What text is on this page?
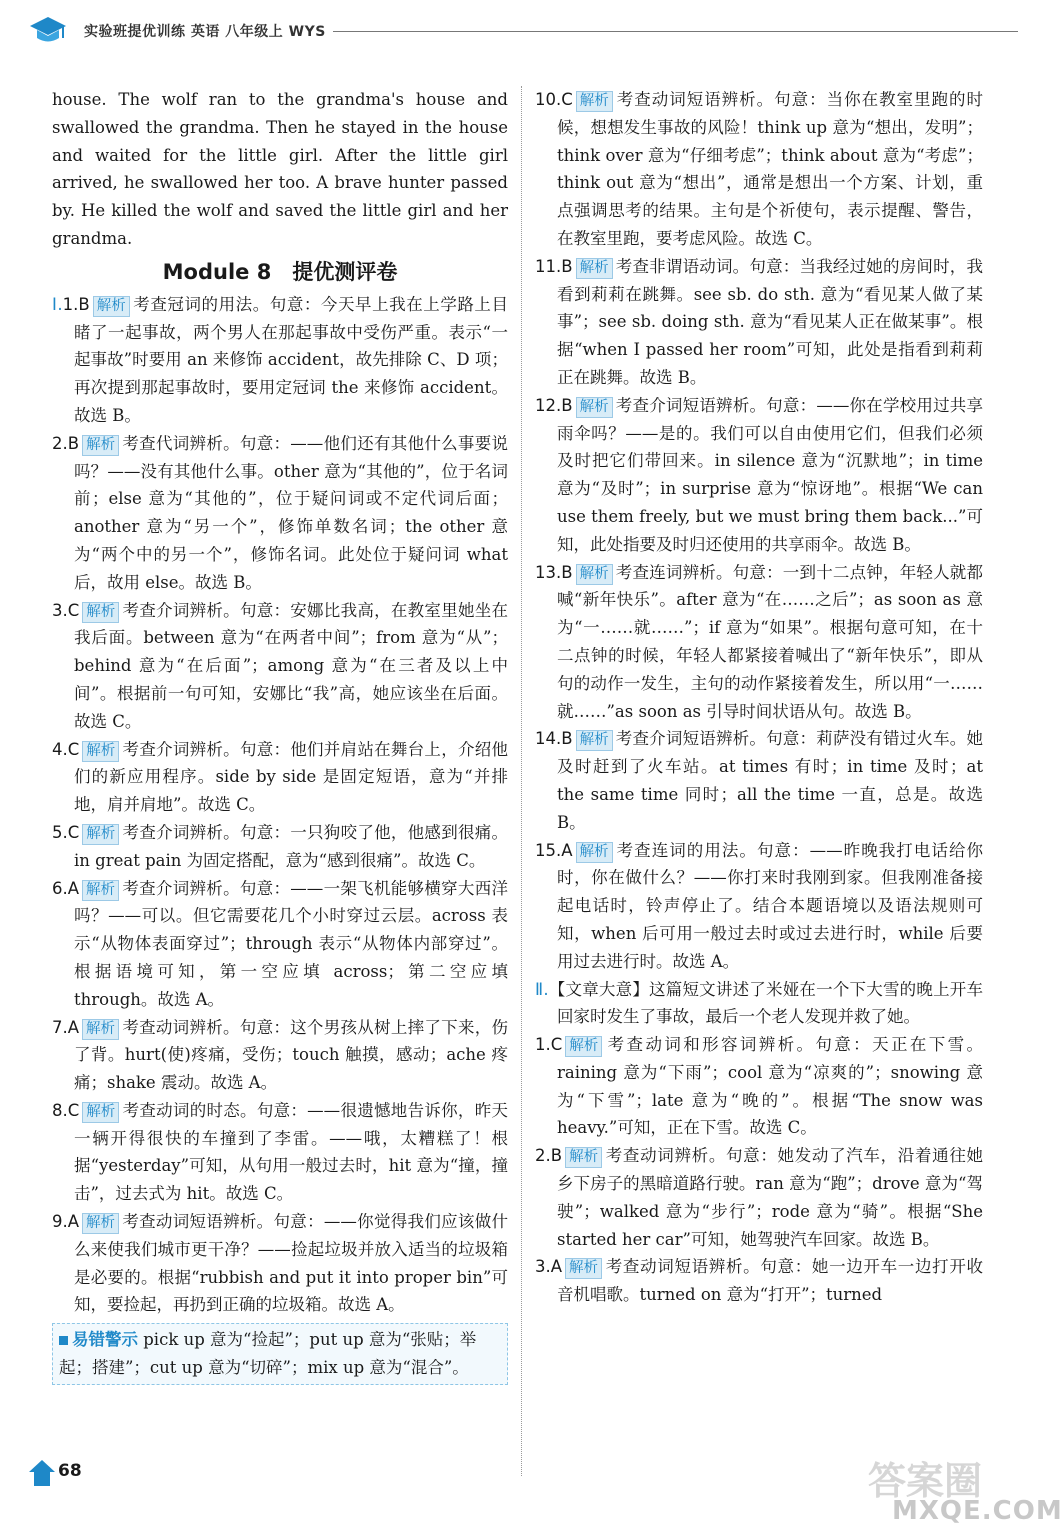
实验班提优训练 英语 八年级上 WYS

house. The wolf ran to the grandma's house and swallowed the grandma. Then he stayed in the house and waited for the little girl. After the little girl arrived, he swallowed her too. A brave hunter passed by. He killed the wolf and saved the little girl and her grandma.

Module 8　提优测评卷

Ⅰ.1.B 解析 考查冠词的用法。句意：今天早上我在上学路上目睹了一起事故，两个男人在那起事故中受伤严重。表示“一起事故”时要用 an 来修饰 accident，故先排除 C、D 项；再次提到那起事故时，要用定冠词 the 来修饰 accident。故选 B。

2.B 解析 考查代词辨析。句意：——他们还有其他什么事要说吗？——没有其他什么事。other 意为“其他的”，位于名词前；else 意为“其他的”，位于疑问词或不定代词后面；another 意为“另一个”，修饰单数名词；the other 意为“两个中的另一个”，修饰名词。此处位于疑问词 what 后，故用 else。故选 B。

3.C 解析 考查介词辨析。句意：安娜比我高，在教室里她坐在我后面。between 意为“在两者中间”；from 意为“从”；behind 意为“在后面”；among 意为“在三者及以上中间”。根据前一句可知，安娜比“我”高，她应该坐在后面。故选 C。

4.C 解析 考查介词辨析。句意：他们并肩站在舞台上，介绍他们的新应用程序。side by side 是固定短语，意为“并排地，肩并肩地”。故选 C。

5.C 解析 考查介词辨析。句意：一只狗咬了他，他感到很痛。in great pain 为固定搭配，意为“感到很痛”。故选 C。

6.A 解析 考查介词辨析。句意：——一架飞机能够横穿大西洋吗？——可以。但它需要花几个小时穿过云层。across 表示“从物体表面穿过”；through 表示“从物体内部穿过”。根据语境可知，第一空应填 across；第二空应填 through。故选 A。

7.A 解析 考查动词辨析。句意：这个男孩从树上摔了下来，伤了背。hurt(使)疼痛，受伤；touch 触摸，感动；ache 疼痛；shake 震动。故选 A。

8.C 解析 考查动词的时态。句意：——很遗憾地告诉你，昨天一辆开得很快的车撞到了李雷。——哦，太糟糕了！根据“yesterday”可知，从句用一般过去时，hit 意为“撞，撞击”，过去式为 hit。故选 C。

9.A 解析 考查动词短语辨析。句意：——你觉得我们应该做什么来使我们城市更干净？——捡起垃圾并放入适当的垃圾箱是必要的。根据“rubbish and put it into proper bin”可知，要捡起，再扔到正确的垃圾箱。故选 A。

易错警示 pick up 意为“捡起”；put up 意为“张贴；举起；搭建”；cut up 意为“切碎”；mix up 意为“混合”。

10.C 解析 考查动词短语辨析。句意：当你在教室里跑的时候，想想发生事故的风险！think up 意为“想出，发明”；think over 意为“仔细考虑”；think about 意为“考虑”；think out 意为“想出”，通常是想出一个方案、计划，重点强调思考的结果。主句是个祈使句，表示提醒、警告，在教室里跑，要考虑风险。故选 C。

11.B 解析 考查非谓语动词。句意：当我经过她的房间时，我看到莉莉在跳舞。see sb. do sth. 意为“看见某人做了某事”；see sb. doing sth. 意为“看见某人正在做某事”。根据“when I passed her room”可知，此处是指看到莉莉正在跳舞。故选 B。

12.B 解析 考查介词短语辨析。句意：——你在学校用过共享雨伞吗？——是的。我们可以自由使用它们，但我们必须及时把它们带回来。in silence 意为“沉默地”；in time 意为“及时”；in surprise 意为“惊讶地”。根据“We can use them freely, but we must bring them back...”可知，此处指要及时归还使用的共享雨伞。故选 B。

13.B 解析 考查连词辨析。句意：一到十二点钟，年轻人就都喊“新年快乐”。after 意为“在……之后”；as soon as 意为“一……就……”；if 意为“如果”。根据句意可知，在十二点钟的时候，年轻人都紧接着喊出了“新年快乐”，即从句的动作一发生，主句的动作紧接着发生，所以用“一……就……”as soon as 引导时间状语从句。故选 B。

14.B 解析 考查介词短语辨析。句意：莉萨没有错过火车。她及时赶到了火车站。at times 有时；in time 及时；at the same time 同时；all the time 一直，总是。故选 B。

15.A 解析 考查连词的用法。句意：——昨晚我打电话给你时，你在做什么？——你打来时我刚到家。但我刚准备接起电话时，铃声停止了。结合本题语境以及语法规则可知，when 后可用一般过去时或过去进行时，while 后要用过去进行时。故选 A。

Ⅱ.【文章大意】这篇短文讲述了米娅在一个下大雪的晚上开车回家时发生了事故，最后一个老人发现并救了她。

1.C 解析 考查动词和形容词辨析。句意：天正在下雪。raining 意为“下雨”；cool 意为“凉爽的”；snowing 意为“下雪”；late 意为“晚的”。根据“The snow was heavy.”可知，正在下雪。故选 C。

2.B 解析 考查动词辨析。句意：她发动了汽车，沿着通往她乡下房子的黑暗道路行驶。ran 意为“跑”；drove 意为“驾驶”；walked 意为“步行”；rode 意为“骑”。根据“She started her car”可知，她驾驶汽车回家。故选 B。

3.A 解析 考查动词短语辨析。句意：她一边开车一边打开收音机唱歌。turned on 意为“打开”；turned

68	答案圈
MXQE.COM
